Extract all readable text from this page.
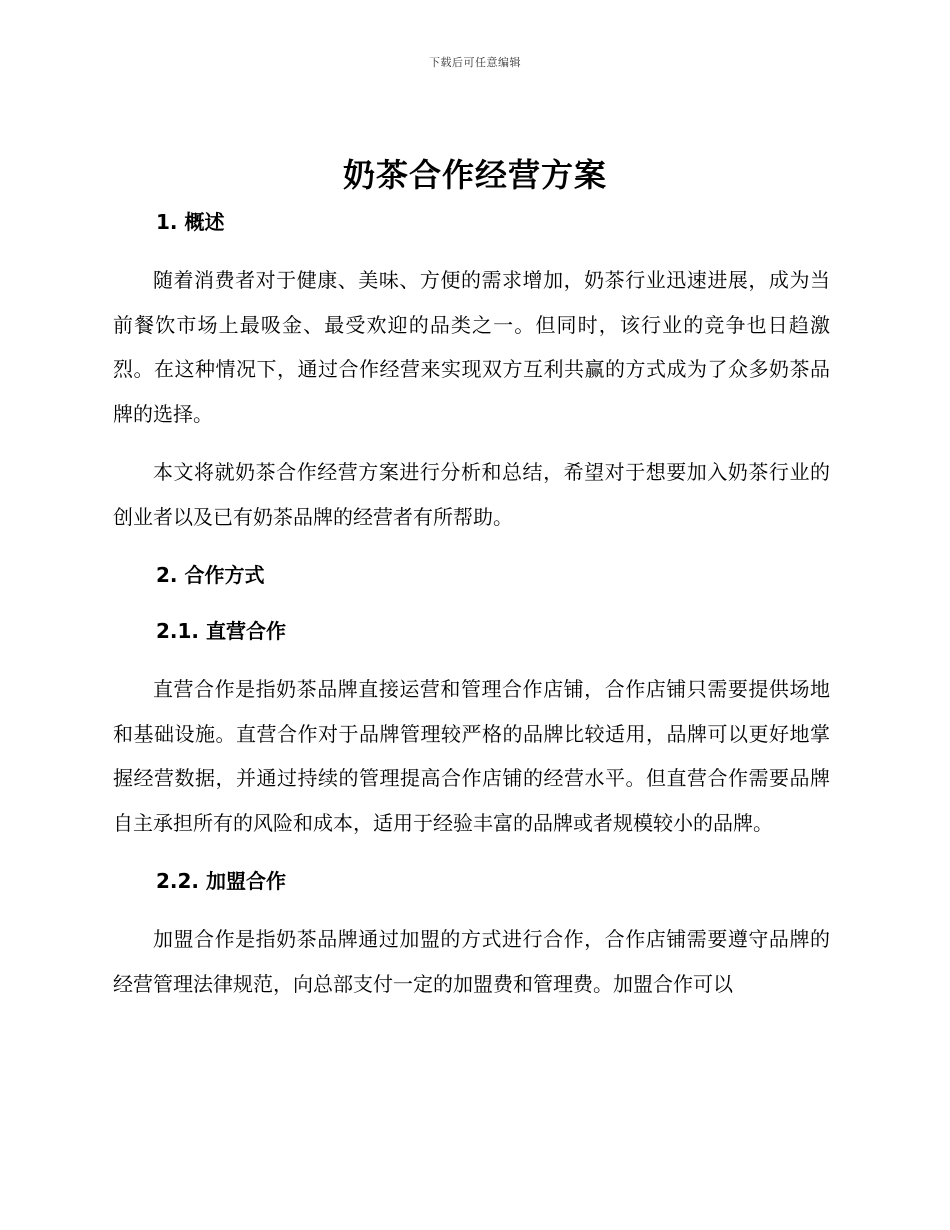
下载后可任意编辑
奶茶合作经营方案
1. 概述

随着消费者对于健康、美味、方便的需求增加，奶茶行业迅速进展，成为当前餐饮市场上最吸金、最受欢迎的品类之一。但同时，该行业的竞争也日趋激烈。在这种情况下，通过合作经营来实现双方互利共赢的方式成为了众多奶茶品牌的选择。

本文将就奶茶合作经营方案进行分析和总结，希望对于想要加入奶茶行业的创业者以及已有奶茶品牌的经营者有所帮助。

2. 合作方式
2.1. 直营合作

直营合作是指奶茶品牌直接运营和管理合作店铺，合作店铺只需要提供场地和基础设施。直营合作对于品牌管理较严格的品牌比较适用，品牌可以更好地掌握经营数据，并通过持续的管理提高合作店铺的经营水平。但直营合作需要品牌自主承担所有的风险和成本，适用于经验丰富的品牌或者规模较小的品牌。

2.2. 加盟合作

加盟合作是指奶茶品牌通过加盟的方式进行合作，合作店铺需要遵守品牌的经营管理法律规范，向总部支付一定的加盟费和管理费。加盟合作可以
